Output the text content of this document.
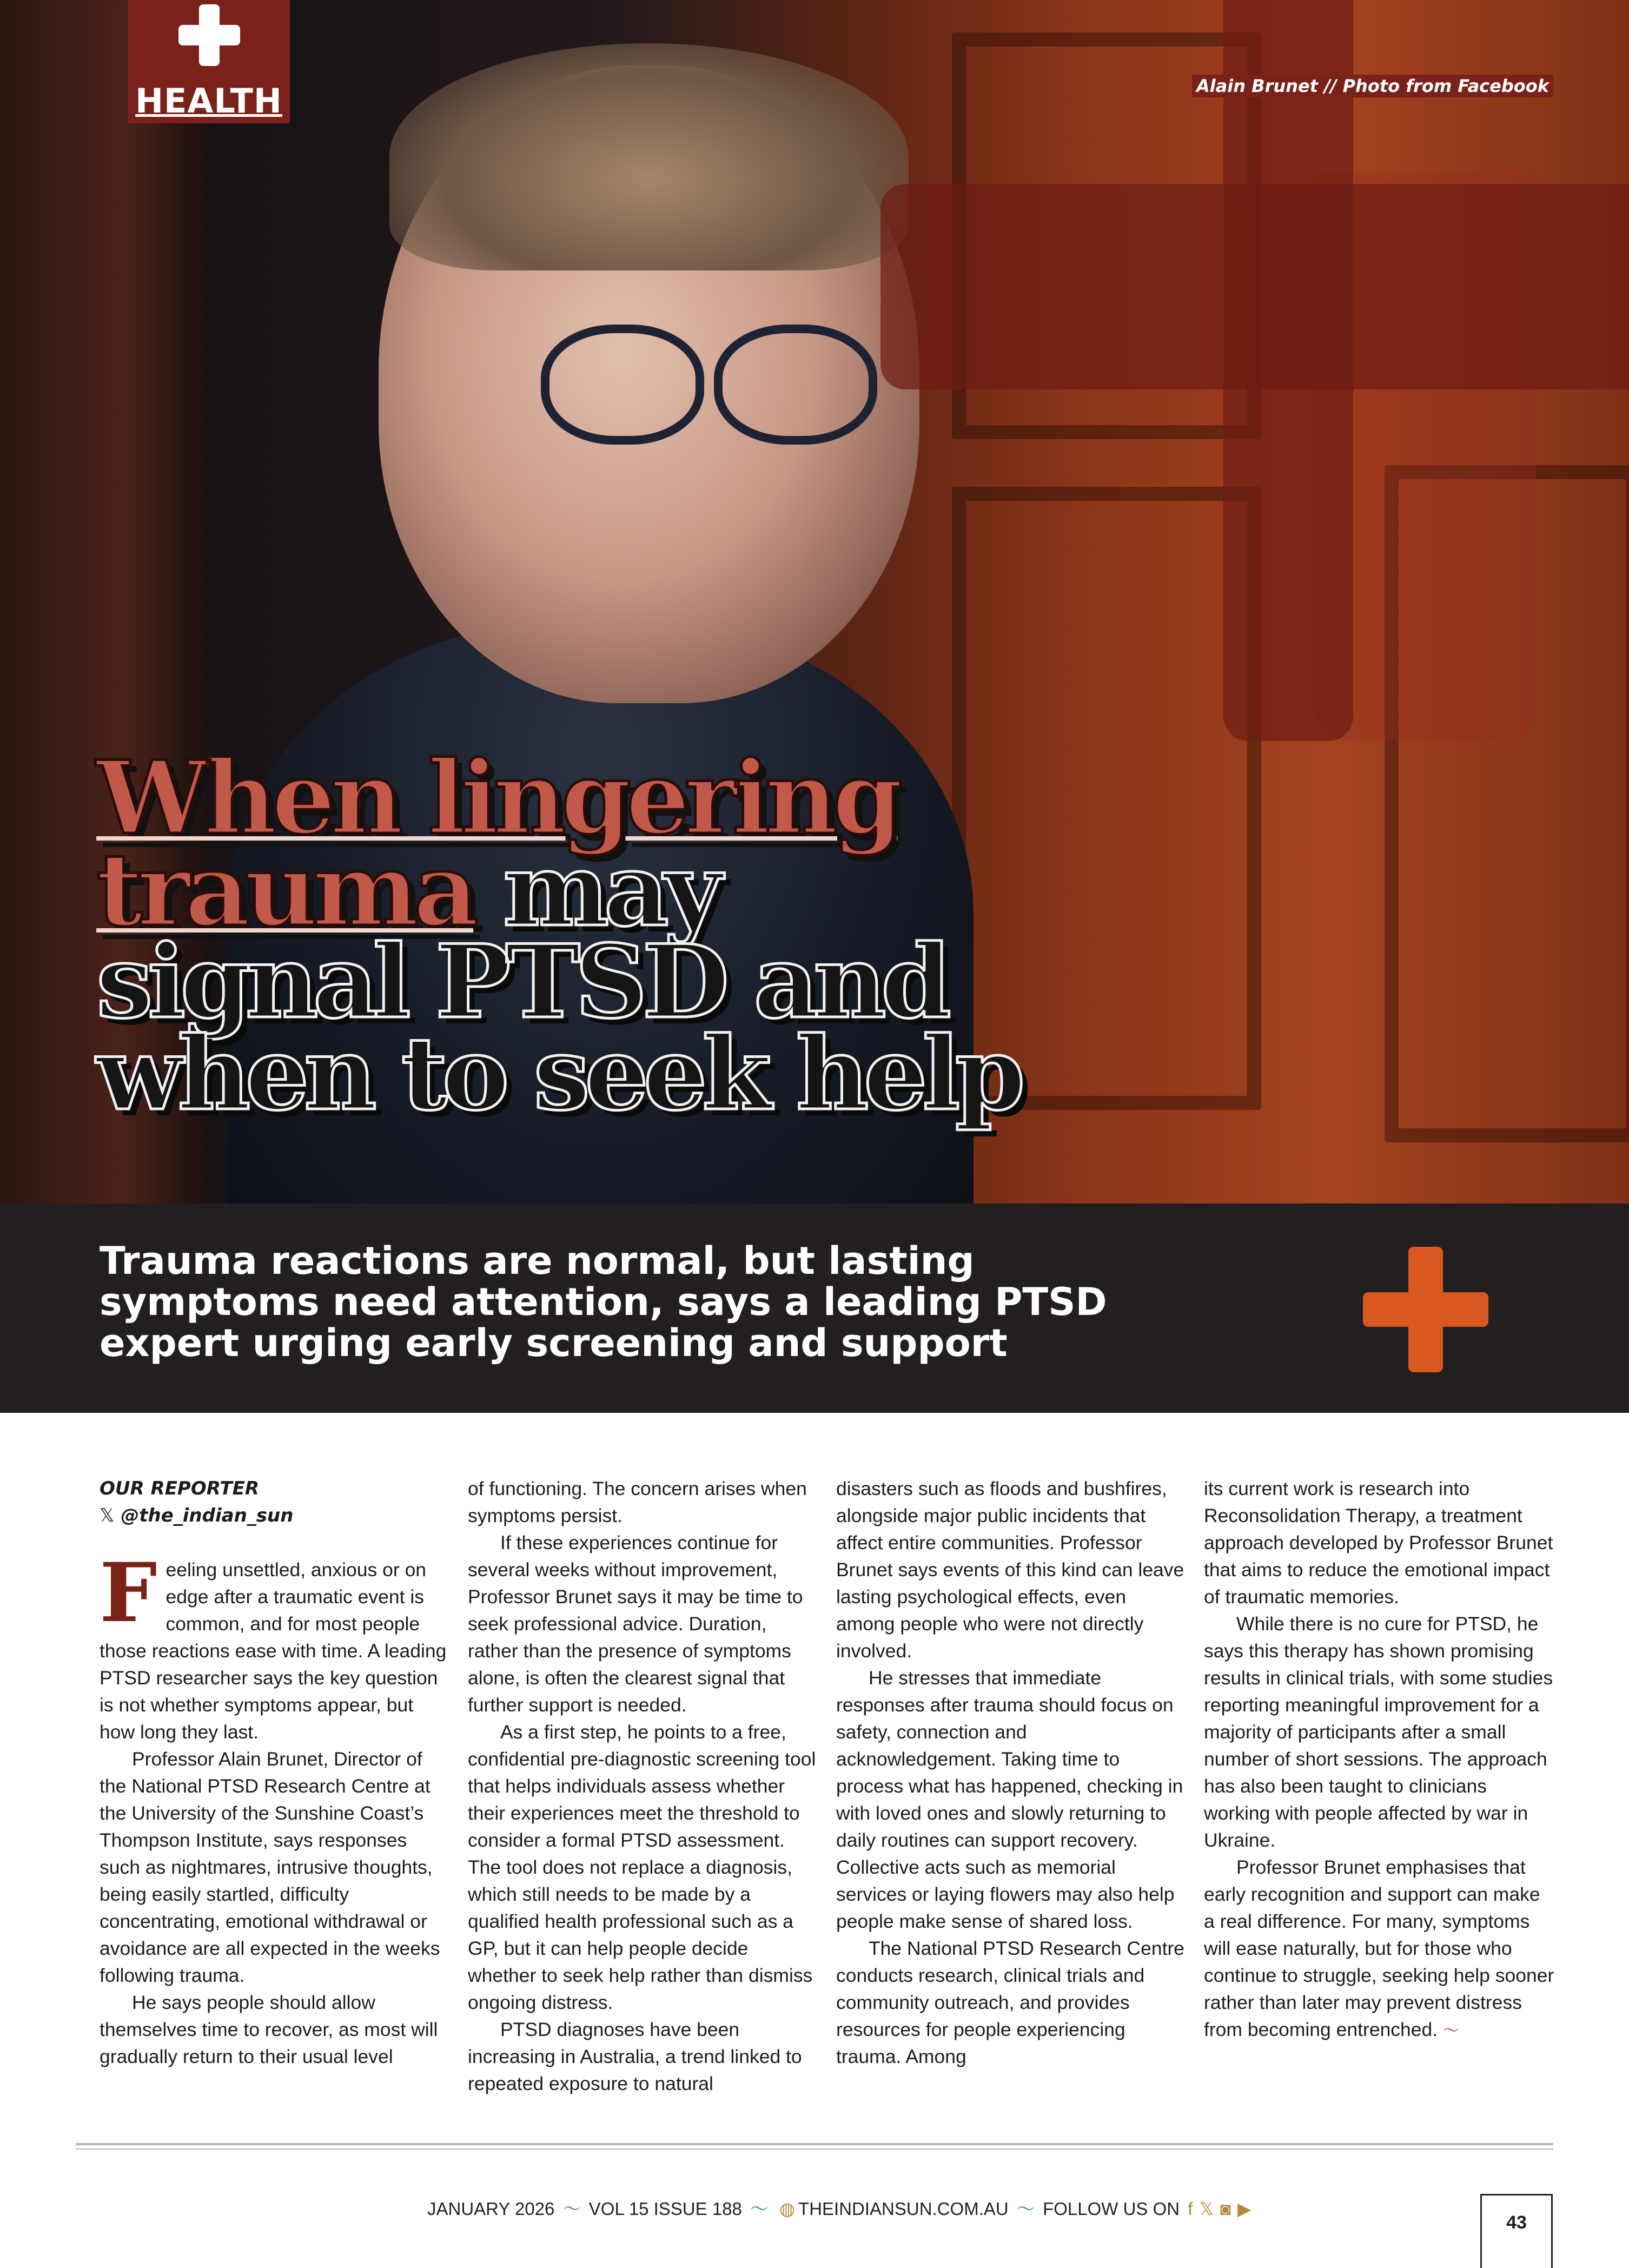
HEALTH	Alain Brunet // Photo from Facebook
When lingering
trauma may
signal PTSD and
when to seek help

Trauma reactions are normal, but lasting
symptoms need attention, says a leading PTSD
expert urging early screening and support

OUR REPORTER
𝕏 @the_indian_sun

Feeling unsettled, anxious or on edge after a traumatic event is common, and for most people those reactions ease with time. A leading PTSD researcher says the key question is not whether symptoms appear, but how long they last.

Professor Alain Brunet, Director of the National PTSD Research Centre at the University of the Sunshine Coast’s Thompson Institute, says responses such as nightmares, intrusive thoughts, being easily startled, difficulty concentrating, emotional withdrawal or avoidance are all expected in the weeks following trauma.

He says people should allow themselves time to recover, as most will gradually return to their usual level

of functioning. The concern arises when symptoms persist.

If these experiences continue for several weeks without improvement, Professor Brunet says it may be time to seek professional advice. Duration, rather than the presence of symptoms alone, is often the clearest signal that further support is needed.

As a first step, he points to a free, confidential pre-diagnostic screening tool that helps individuals assess whether their experiences meet the threshold to consider a formal PTSD assessment. The tool does not replace a diagnosis, which still needs to be made by a qualified health professional such as a GP, but it can help people decide whether to seek help rather than dismiss ongoing distress.

PTSD diagnoses have been increasing in Australia, a trend linked to repeated exposure to natural

disasters such as floods and bushfires, alongside major public incidents that affect entire communities. Professor Brunet says events of this kind can leave lasting psychological effects, even among people who were not directly involved.

He stresses that immediate responses after trauma should focus on safety, connection and acknowledgement. Taking time to process what has happened, checking in with loved ones and slowly returning to daily routines can support recovery. Collective acts such as memorial services or laying flowers may also help people make sense of shared loss.

The National PTSD Research Centre conducts research, clinical trials and community outreach, and provides resources for people experiencing trauma. Among

its current work is research into Reconsolidation Therapy, a treatment approach developed by Professor Brunet that aims to reduce the emotional impact of traumatic memories.

While there is no cure for PTSD, he says this therapy has shown promising results in clinical trials, with some studies reporting meaningful improvement for a majority of participants after a small number of short sessions. The approach has also been taught to clinicians working with people affected by war in Ukraine.

Professor Brunet emphasises that early recognition and support can make a real difference. For many, symptoms will ease naturally, but for those who continue to struggle, seeking help sooner rather than later may prevent distress from becoming entrenched. 〜

JANUARY 2026 〜 VOL 15 ISSUE 188 〜 ◍ THEINDIANSUN.COM.AU 〜 FOLLOW US ON f 𝕏 ◙ ▶
43
